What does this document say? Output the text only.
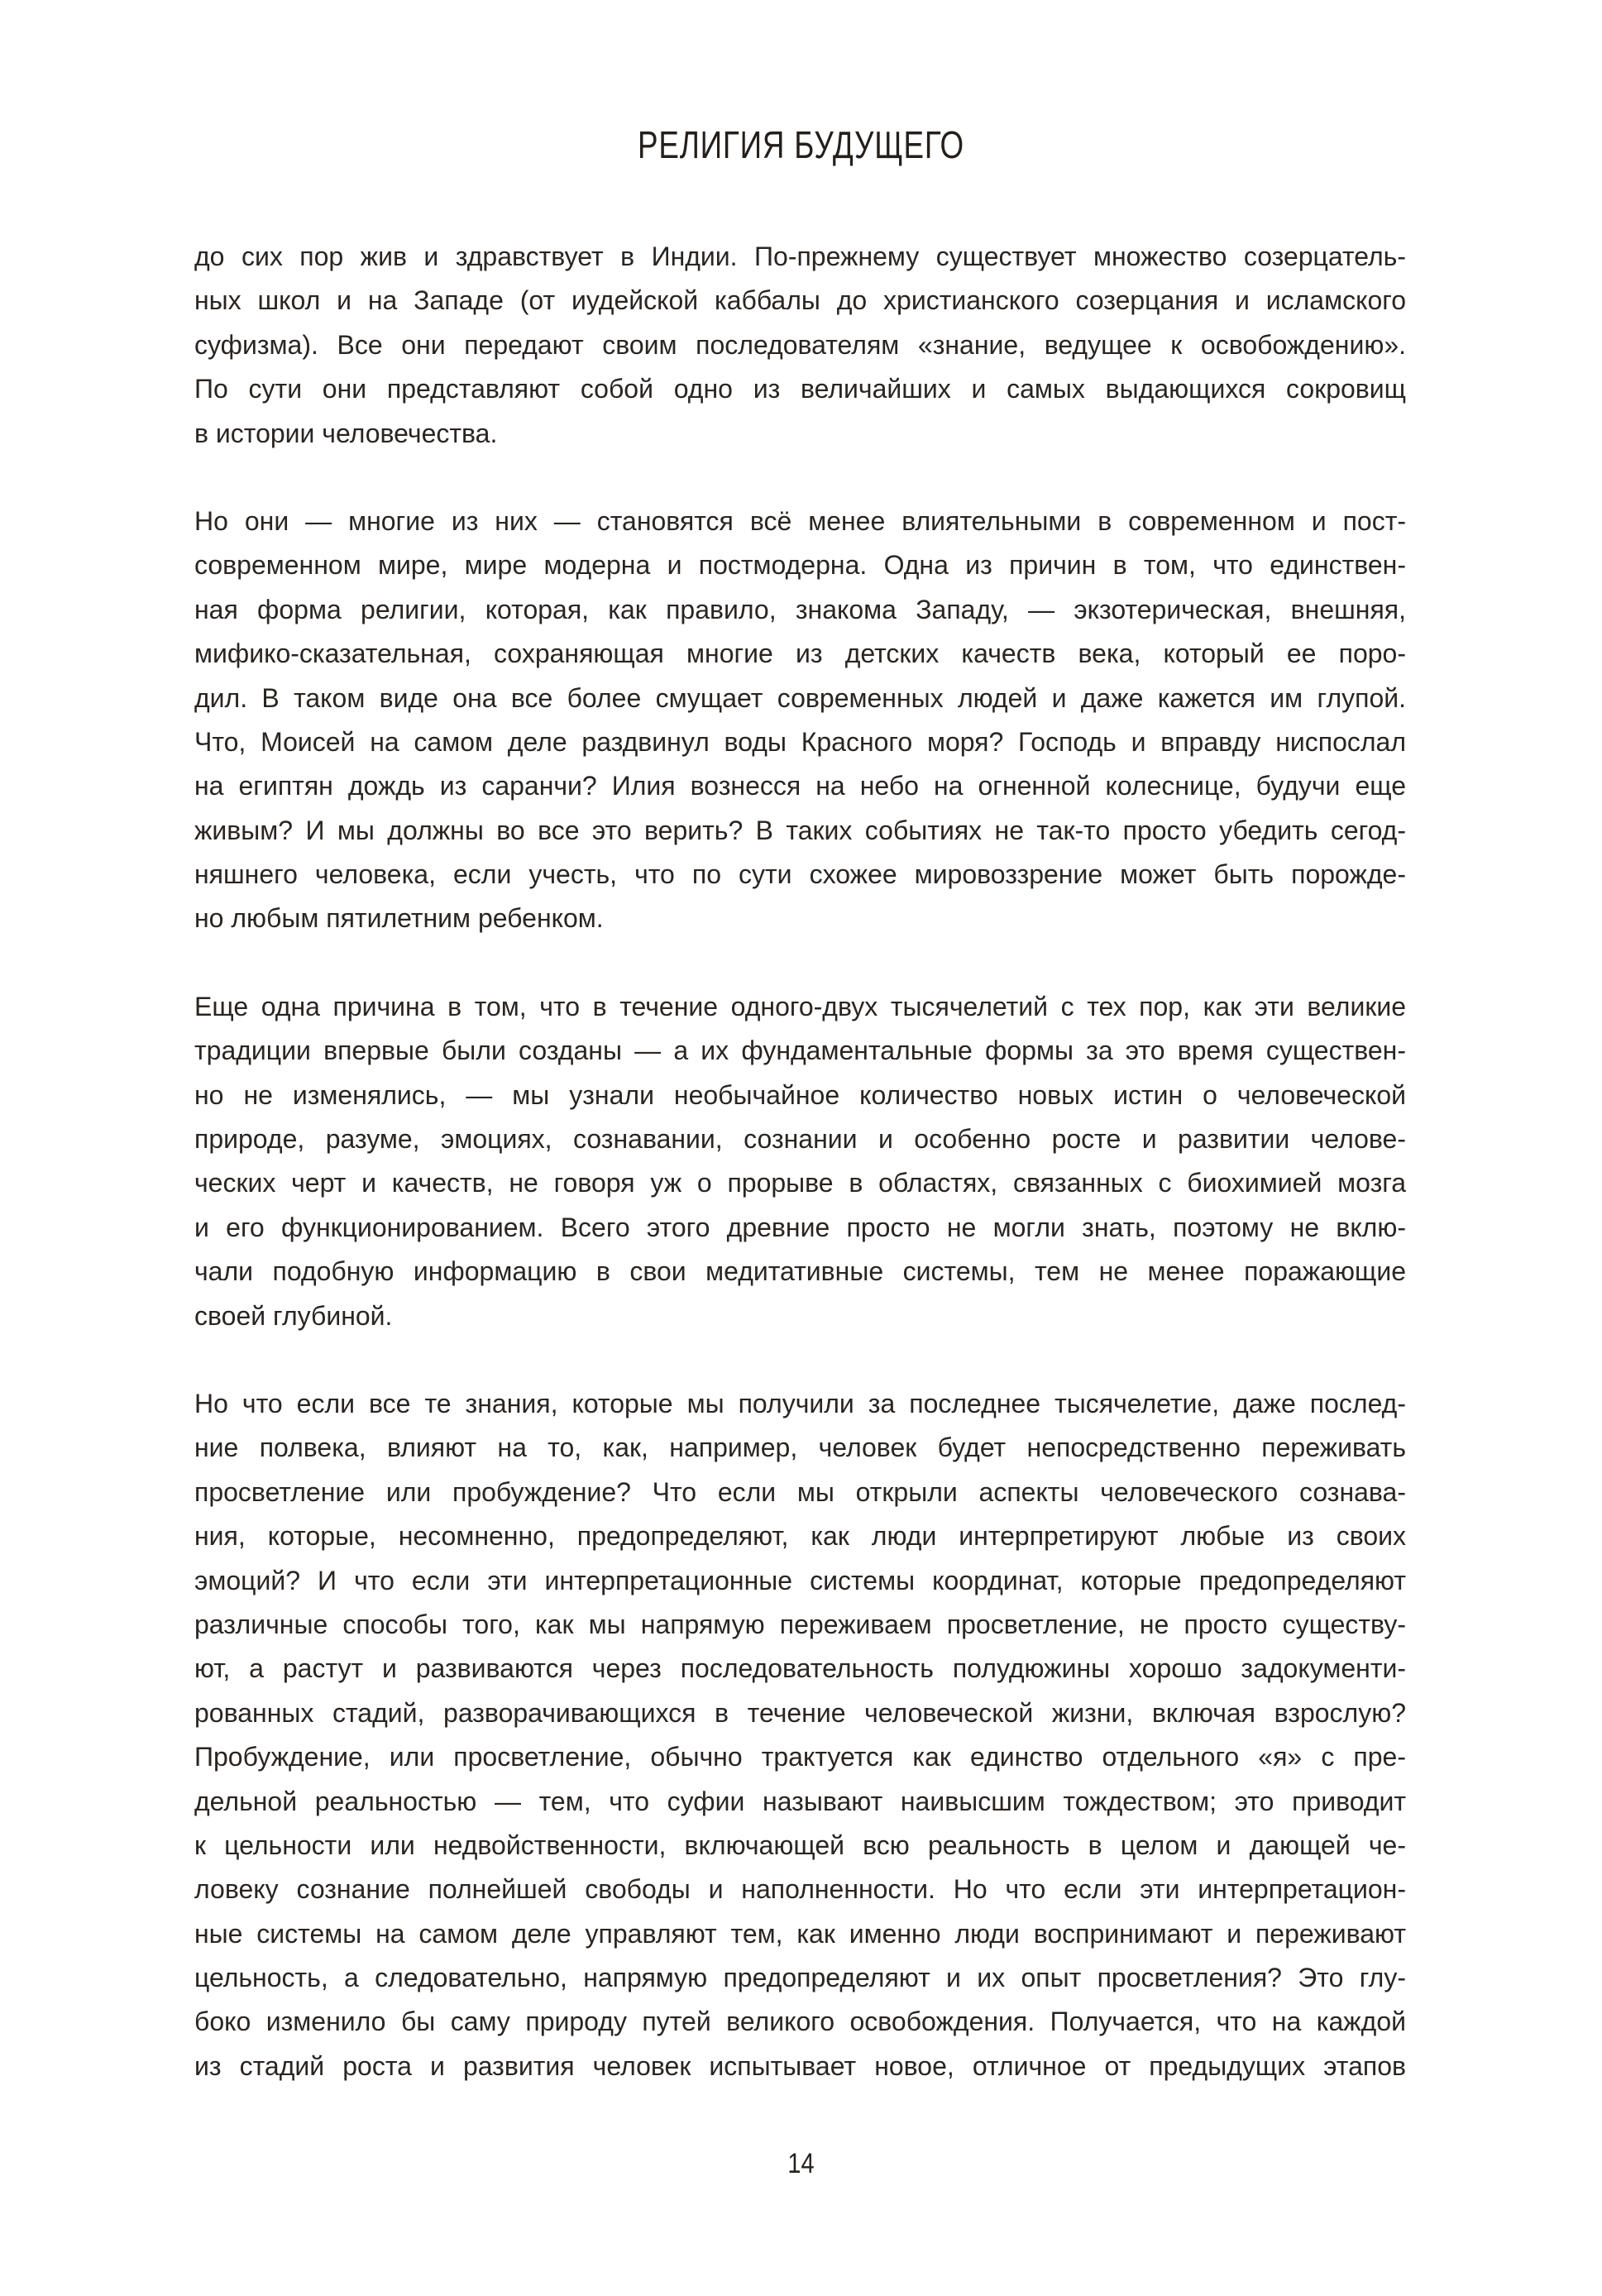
РЕЛИГИЯ БУДУЩЕГО
до сих пор жив и здравствует в Индии. По-прежнему существует множество созерцатель-
ных школ и на Западе (от иудейской каббалы до христианского созерцания и исламского
суфизма). Все они передают своим последователям «знание, ведущее к освобождению».
По сути они представляют собой одно из величайших и самых выдающихся сокровищ
в истории человечества.
Но они — многие из них — становятся всё менее влиятельными в современном и пост-
современном мире, мире модерна и постмодерна. Одна из причин в том, что единствен-
ная форма религии, которая, как правило, знакома Западу, — экзотерическая, внешняя,
мифико-сказательная, сохраняющая многие из детских качеств века, который ее поро-
дил. В таком виде она все более смущает современных людей и даже кажется им глупой.
Что, Моисей на самом деле раздвинул воды Красного моря? Господь и вправду ниспослал
на египтян дождь из саранчи? Илия вознесся на небо на огненной колеснице, будучи еще
живым? И мы должны во все это верить? В таких событиях не так-то просто убедить сегод-
няшнего человека, если учесть, что по сути схожее мировоззрение может быть порожде-
но любым пятилетним ребенком.
Еще одна причина в том, что в течение одного-двух тысячелетий с тех пор, как эти великие
традиции впервые были созданы — а их фундаментальные формы за это время существен-
но не изменялись, — мы узнали необычайное количество новых истин о человеческой
природе, разуме, эмоциях, сознавании, сознании и особенно росте и развитии челове-
ческих черт и качеств, не говоря уж о прорыве в областях, связанных с биохимией мозга
и его функционированием. Всего этого древние просто не могли знать, поэтому не вклю-
чали подобную информацию в свои медитативные системы, тем не менее поражающие
своей глубиной.
Но что если все те знания, которые мы получили за последнее тысячелетие, даже послед-
ние полвека, влияют на то, как, например, человек будет непосредственно переживать
просветление или пробуждение? Что если мы открыли аспекты человеческого сознава-
ния, которые, несомненно, предопределяют, как люди интерпретируют любые из своих
эмоций? И что если эти интерпретационные системы координат, которые предопределяют
различные способы того, как мы напрямую переживаем просветление, не просто существу-
ют, а растут и развиваются через последовательность полудюжины хорошо задокументи-
рованных стадий, разворачивающихся в течение человеческой жизни, включая взрослую?
Пробуждение, или просветление, обычно трактуется как единство отдельного «я» с пре-
дельной реальностью — тем, что суфии называют наивысшим тождеством; это приводит
к цельности или недвойственности, включающей всю реальность в целом и дающей че-
ловеку сознание полнейшей свободы и наполненности. Но что если эти интерпретацион-
ные системы на самом деле управляют тем, как именно люди воспринимают и переживают
цельность, а следовательно, напрямую предопределяют и их опыт просветления? Это глу-
боко изменило бы саму природу путей великого освобождения. Получается, что на каждой
из стадий роста и развития человек испытывает новое, отличное от предыдущих этапов
14
